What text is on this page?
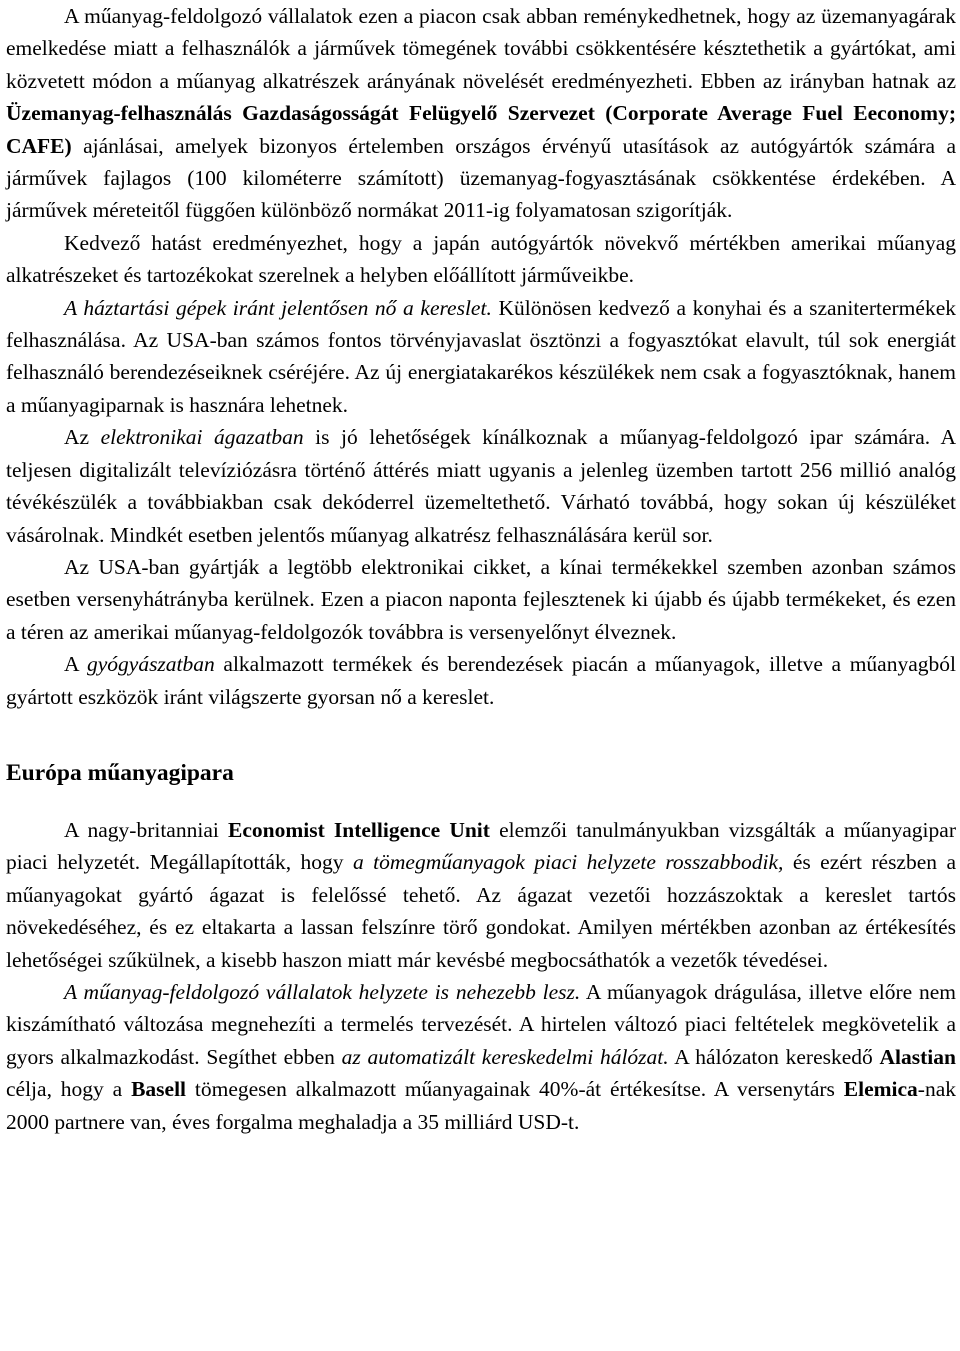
A műanyag-feldolgozó vállalatok ezen a piacon csak abban reménykedhetnek, hogy az üzemanyagárak emelkedése miatt a felhasználók a járművek tömegének további csökkentésére késztethetik a gyártókat, ami közvetett módon a műanyag alkatrészek arányának növelését eredményezheti. Ebben az irányban hatnak az Üzemanyag-felhasználás Gazdaságosságát Felügyelő Szervezet (Corporate Average Fuel Eeconomy; CAFE) ajánlásai, amelyek bizonyos értelemben országos érvényű utasítások az autógyártók számára a járművek fajlagos (100 kilométerre számított) üzemanyag-fogyasztásának csökkentése érdekében. A járművek méreteitől függően különböző normákat 2011-ig folyamatosan szigorítják.

Kedvező hatást eredményezhet, hogy a japán autógyártók növekvő mértékben amerikai műanyag alkatrészeket és tartozékokat szerelnek a helyben előállított járműveikbe.

A háztartási gépek iránt jelentősen nő a kereslet. Különösen kedvező a konyhai és a szanitertermékek felhasználása. Az USA-ban számos fontos törvényjavaslat ösztönzi a fogyasztókat elavult, túl sok energiát felhasználó berendezéseiknek cséréjére. Az új energiatakarékos készülékek nem csak a fogyasztóknak, hanem a műanyagiparnak is hasznára lehetnek.

Az elektronikai ágazatban is jó lehetőségek kínálkoznak a műanyag-feldolgozó ipar számára. A teljesen digitalizált televíziózásra történő áttérés miatt ugyanis a jelenleg üzemben tartott 256 millió analóg tévékészülék a továbbiakban csak dekóderrel üzemeltethető. Várható továbbá, hogy sokan új készüléket vásárolnak. Mindkét esetben jelentős műanyag alkatrész felhasználására kerül sor.

Az USA-ban gyártják a legtöbb elektronikai cikket, a kínai termékekkel szemben azonban számos esetben versenyhátrányba kerülnek. Ezen a piacon naponta fejlesztenek ki újabb és újabb termékeket, és ezen a téren az amerikai műanyag-feldolgozók továbbra is versenyelőnyt élveznek.

A gyógyászatban alkalmazott termékek és berendezések piacán a műanyagok, illetve a műanyagból gyártott eszközök iránt világszerte gyorsan nő a kereslet.

Európa műanyagipara

A nagy-britanniai Economist Intelligence Unit elemzői tanulmányukban vizsgálták a műanyagipar piaci helyzetét. Megállapították, hogy a tömegműanyagok piaci helyzete rosszabbodik, és ezért részben a műanyagokat gyártó ágazat is felelőssé tehető. Az ágazat vezetői hozzászoktak a kereslet tartós növekedéséhez, és ez eltakarta a lassan felszínre törő gondokat. Amilyen mértékben azonban az értékesítés lehetőségei szűkülnek, a kisebb haszon miatt már kevésbé megbocsáthatók a vezetők tévedései.

A műanyag-feldolgozó vállalatok helyzete is nehezebb lesz. A műanyagok drágulása, illetve előre nem kiszámítható változása megnehezíti a termelés tervezését. A hirtelen változó piaci feltételek megkövetelik a gyors alkalmazkodást. Segíthet ebben az automatizált kereskedelmi hálózat. A hálózaton kereskedő Alastian célja, hogy a Basell tömegesen alkalmazott műanyagainak 40%-át értékesítse. A versenytárs Elemica-nak 2000 partnere van, éves forgalma meghaladja a 35 milliárd USD-t.
